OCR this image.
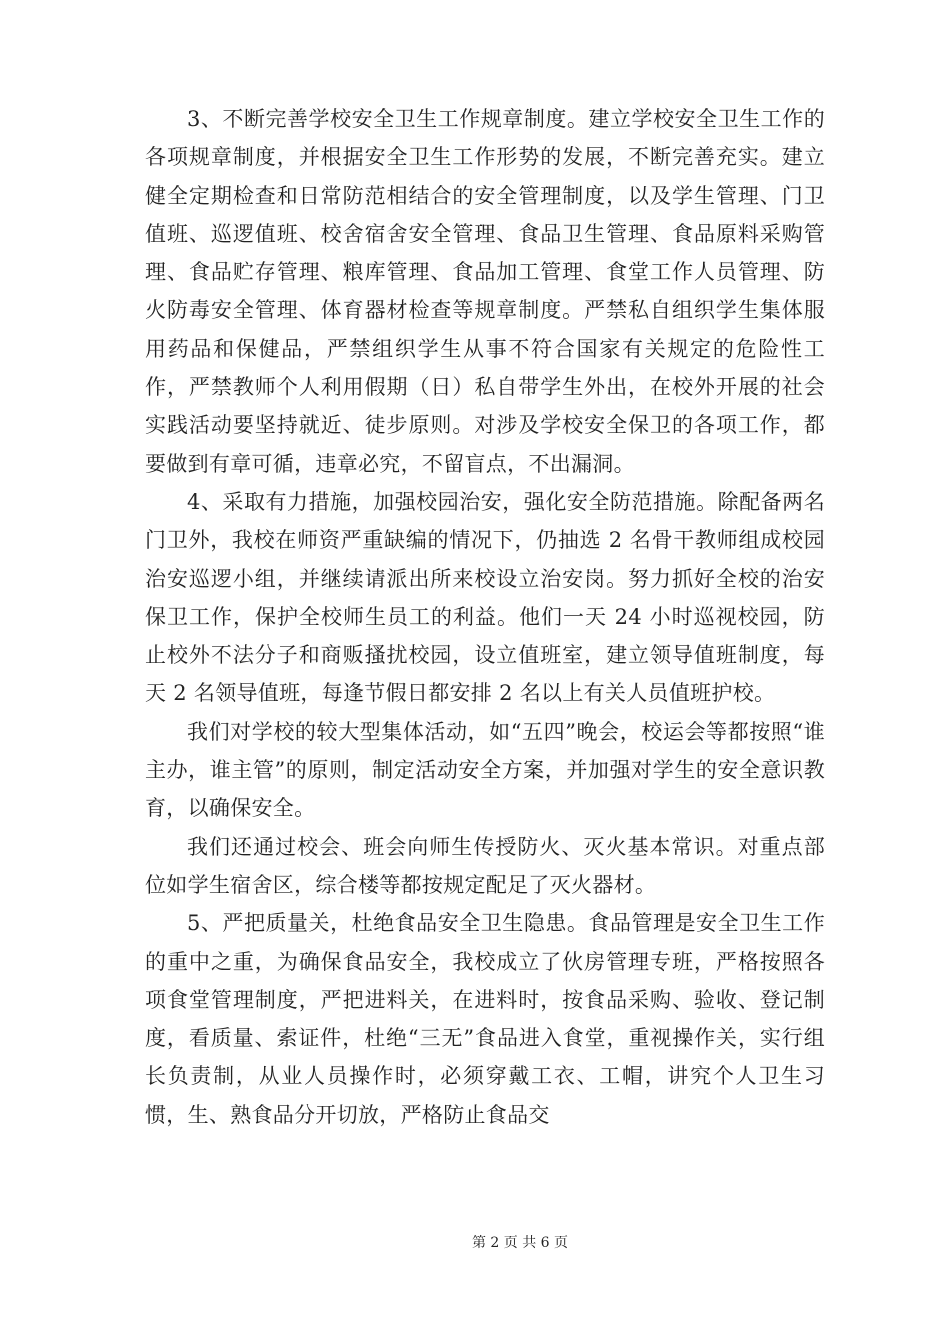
3、不断完善学校安全卫生工作规章制度。建立学校安全卫生工作的各项规章制度，并根据安全卫生工作形势的发展，不断完善充实。建立健全定期检查和日常防范相结合的安全管理制度，以及学生管理、门卫值班、巡逻值班、校舍宿舍安全管理、食品卫生管理、食品原料采购管理、食品贮存管理、粮库管理、食品加工管理、食堂工作人员管理、防火防毒安全管理、体育器材检查等规章制度。严禁私自组织学生集体服用药品和保健品，严禁组织学生从事不符合国家有关规定的危险性工作，严禁教师个人利用假期（日）私自带学生外出，在校外开展的社会实践活动要坚持就近、徒步原则。对涉及学校安全保卫的各项工作，都要做到有章可循，违章必究，不留盲点，不出漏洞。

4、采取有力措施，加强校园治安，强化安全防范措施。除配备两名门卫外，我校在师资严重缺编的情况下，仍抽选 2 名骨干教师组成校园治安巡逻小组，并继续请派出所来校设立治安岗。努力抓好全校的治安保卫工作，保护全校师生员工的利益。他们一天 24 小时巡视校园，防止校外不法分子和商贩搔扰校园，设立值班室，建立领导值班制度，每天 2 名领导值班，每逢节假日都安排 2 名以上有关人员值班护校。

我们对学校的较大型集体活动，如“五四”晚会，校运会等都按照“谁主办，谁主管”的原则，制定活动安全方案，并加强对学生的安全意识教育，以确保安全。

我们还通过校会、班会向师生传授防火、灭火基本常识。对重点部位如学生宿舍区，综合楼等都按规定配足了灭火器材。

5、严把质量关，杜绝食品安全卫生隐患。食品管理是安全卫生工作的重中之重，为确保食品安全，我校成立了伙房管理专班，严格按照各项食堂管理制度，严把进料关，在进料时，按食品采购、验收、登记制度，看质量、索证件，杜绝“三无”食品进入食堂，重视操作关，实行组长负责制，从业人员操作时，必须穿戴工衣、工帽，讲究个人卫生习惯，生、熟食品分开切放，严格防止食品交

第 2 页 共 6 页
